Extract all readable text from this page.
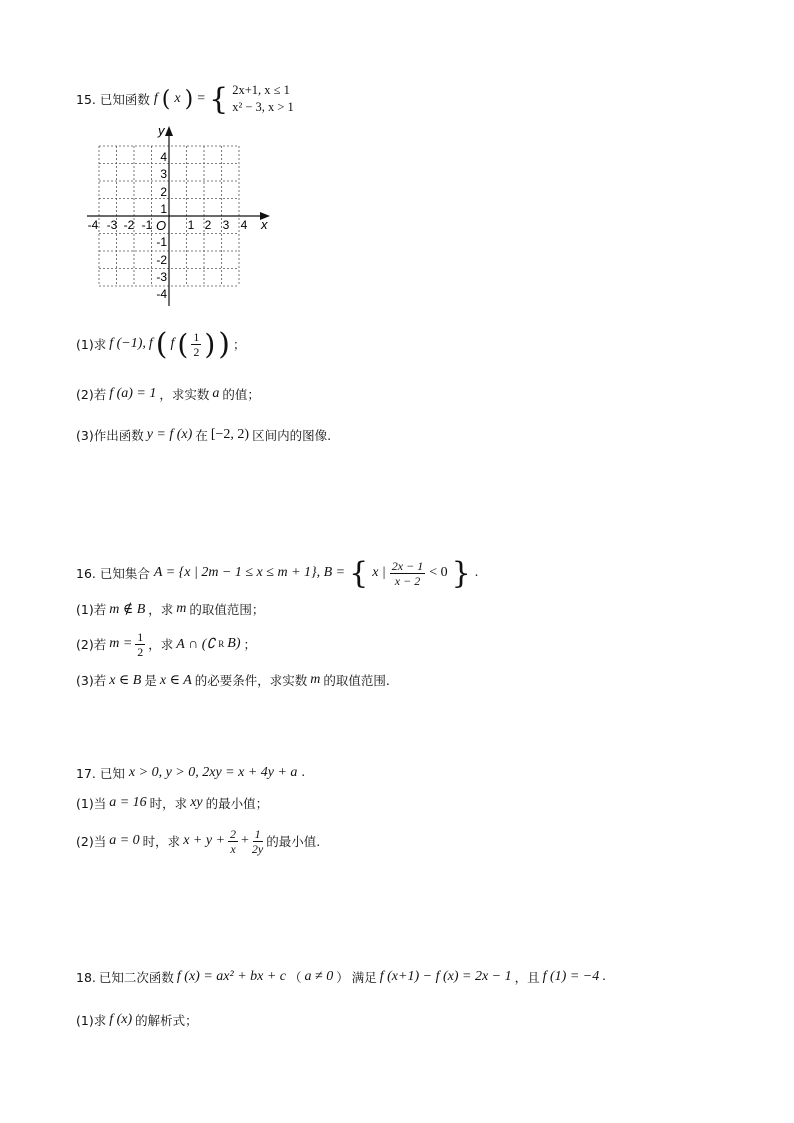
15. 已知函数 f ( x ) = { 2x+1, x ≤ 1
x² − 3, x > 1
x
y
O
-4 -3 -2 -1	1 2 3 4
4
3
2
1
-1
-2
-3
-4
(1)求 f (−1), f ( f ( $\frac{1}{2}$ ) ) ；
(2)若 f (a) = 1 ，求实数 a 的值；
(3)作出函数 y = f (x) 在 [−2, 2) 区间内的图像.
16. 已知集合 A = {x | 2m − 1 ≤ x ≤ m + 1}, B = { x | $\frac{2x - 1}{x - 2} < 0$ } .
(1)若 m ∉ B ，求 m 的取值范围；
(2)若 $m = \frac{1}{2}$ ，求 A ∩ (∁ R B) ；
(3)若 x ∈ B 是 x ∈ A 的必要条件，求实数 m 的取值范围.
17. 已知 x > 0, y > 0, 2xy = x + 4y + a .
(1)当 a = 16 时，求 xy 的最小值；
(2)当 a = 0 时，求 $x + y + \frac{2}{x} + \frac{1}{2y}$ 的最小值.
18. 已知二次函数 f (x) = ax² + bx + c （ a ≠ 0 ） 满足 f (x+1) − f (x) = 2x − 1 ，且 f (1) = −4 .
(1)求 f (x) 的解析式；
